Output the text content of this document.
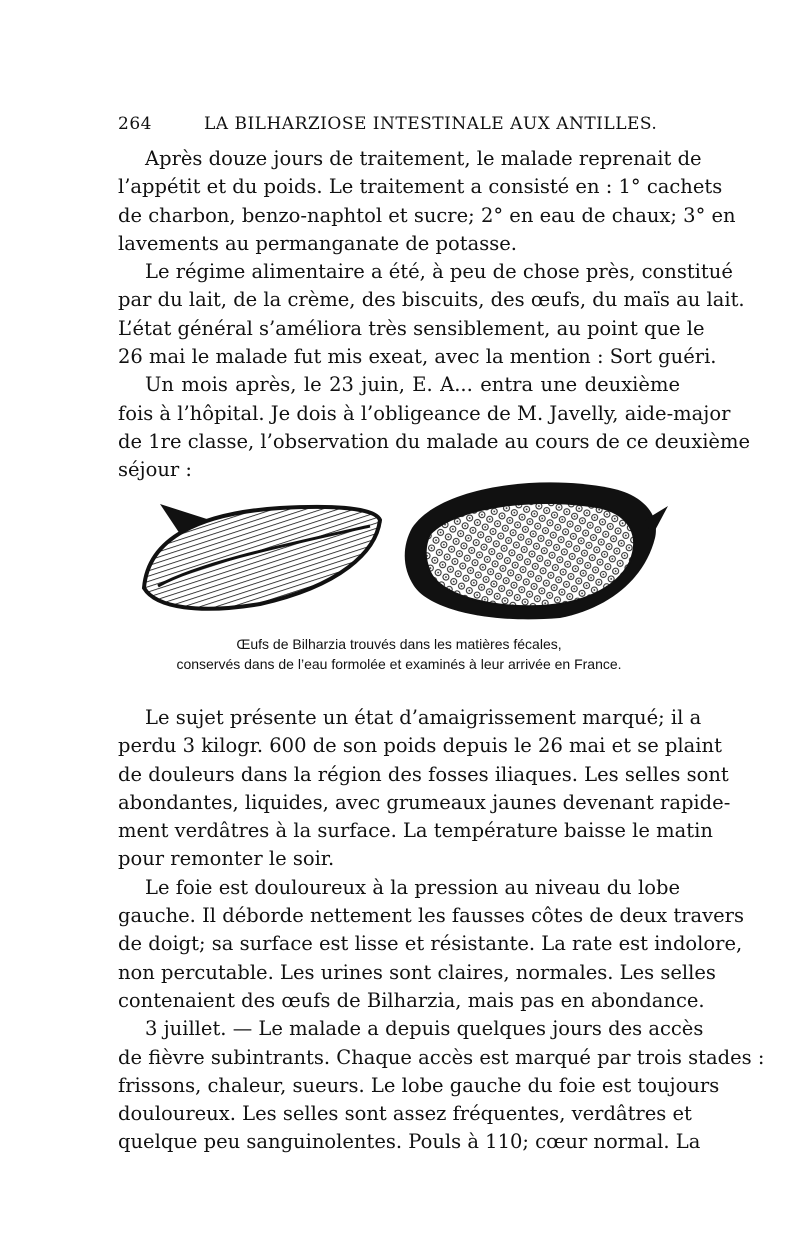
264	LA BILHARZIOSE INTESTINALE AUX ANTILLES.
Après douze jours de traitement, le malade reprenait de
l’appétit et du poids. Le traitement a consisté en : 1° cachets
de charbon, benzo-naphtol et sucre; 2° en eau de chaux; 3° en
lavements au permanganate de potasse.
Le régime alimentaire a été, à peu de chose près, constitué
par du lait, de la crème, des biscuits, des œufs, du maïs au lait.
L’état général s’améliora très sensiblement, au point que le
26 mai le malade fut mis exeat, avec la mention : Sort guéri.
Un mois après, le 23 juin, E. A... entra une deuxième
fois à l’hôpital. Je dois à l’obligeance de M. Javelly, aide-major
de 1re classe, l’observation du malade au cours de ce deuxième
séjour :
Œufs de Bilharzia trouvés dans les matières fécales,
conservés dans de l’eau formolée et examinés à leur arrivée en France.
Le sujet présente un état d’amaigrissement marqué; il a
perdu 3 kilogr. 600 de son poids depuis le 26 mai et se plaint
de douleurs dans la région des fosses iliaques. Les selles sont
abondantes, liquides, avec grumeaux jaunes devenant rapide-
ment verdâtres à la surface. La température baisse le matin
pour remonter le soir.
Le foie est douloureux à la pression au niveau du lobe
gauche. Il déborde nettement les fausses côtes de deux travers
de doigt; sa surface est lisse et résistante. La rate est indolore,
non percutable. Les urines sont claires, normales. Les selles
contenaient des œufs de Bilharzia, mais pas en abondance.
3 juillet. — Le malade a depuis quelques jours des accès
de fièvre subintrants. Chaque accès est marqué par trois stades :
frissons, chaleur, sueurs. Le lobe gauche du foie est toujours
douloureux. Les selles sont assez fréquentes, verdâtres et
quelque peu sanguinolentes. Pouls à 110; cœur normal. La
